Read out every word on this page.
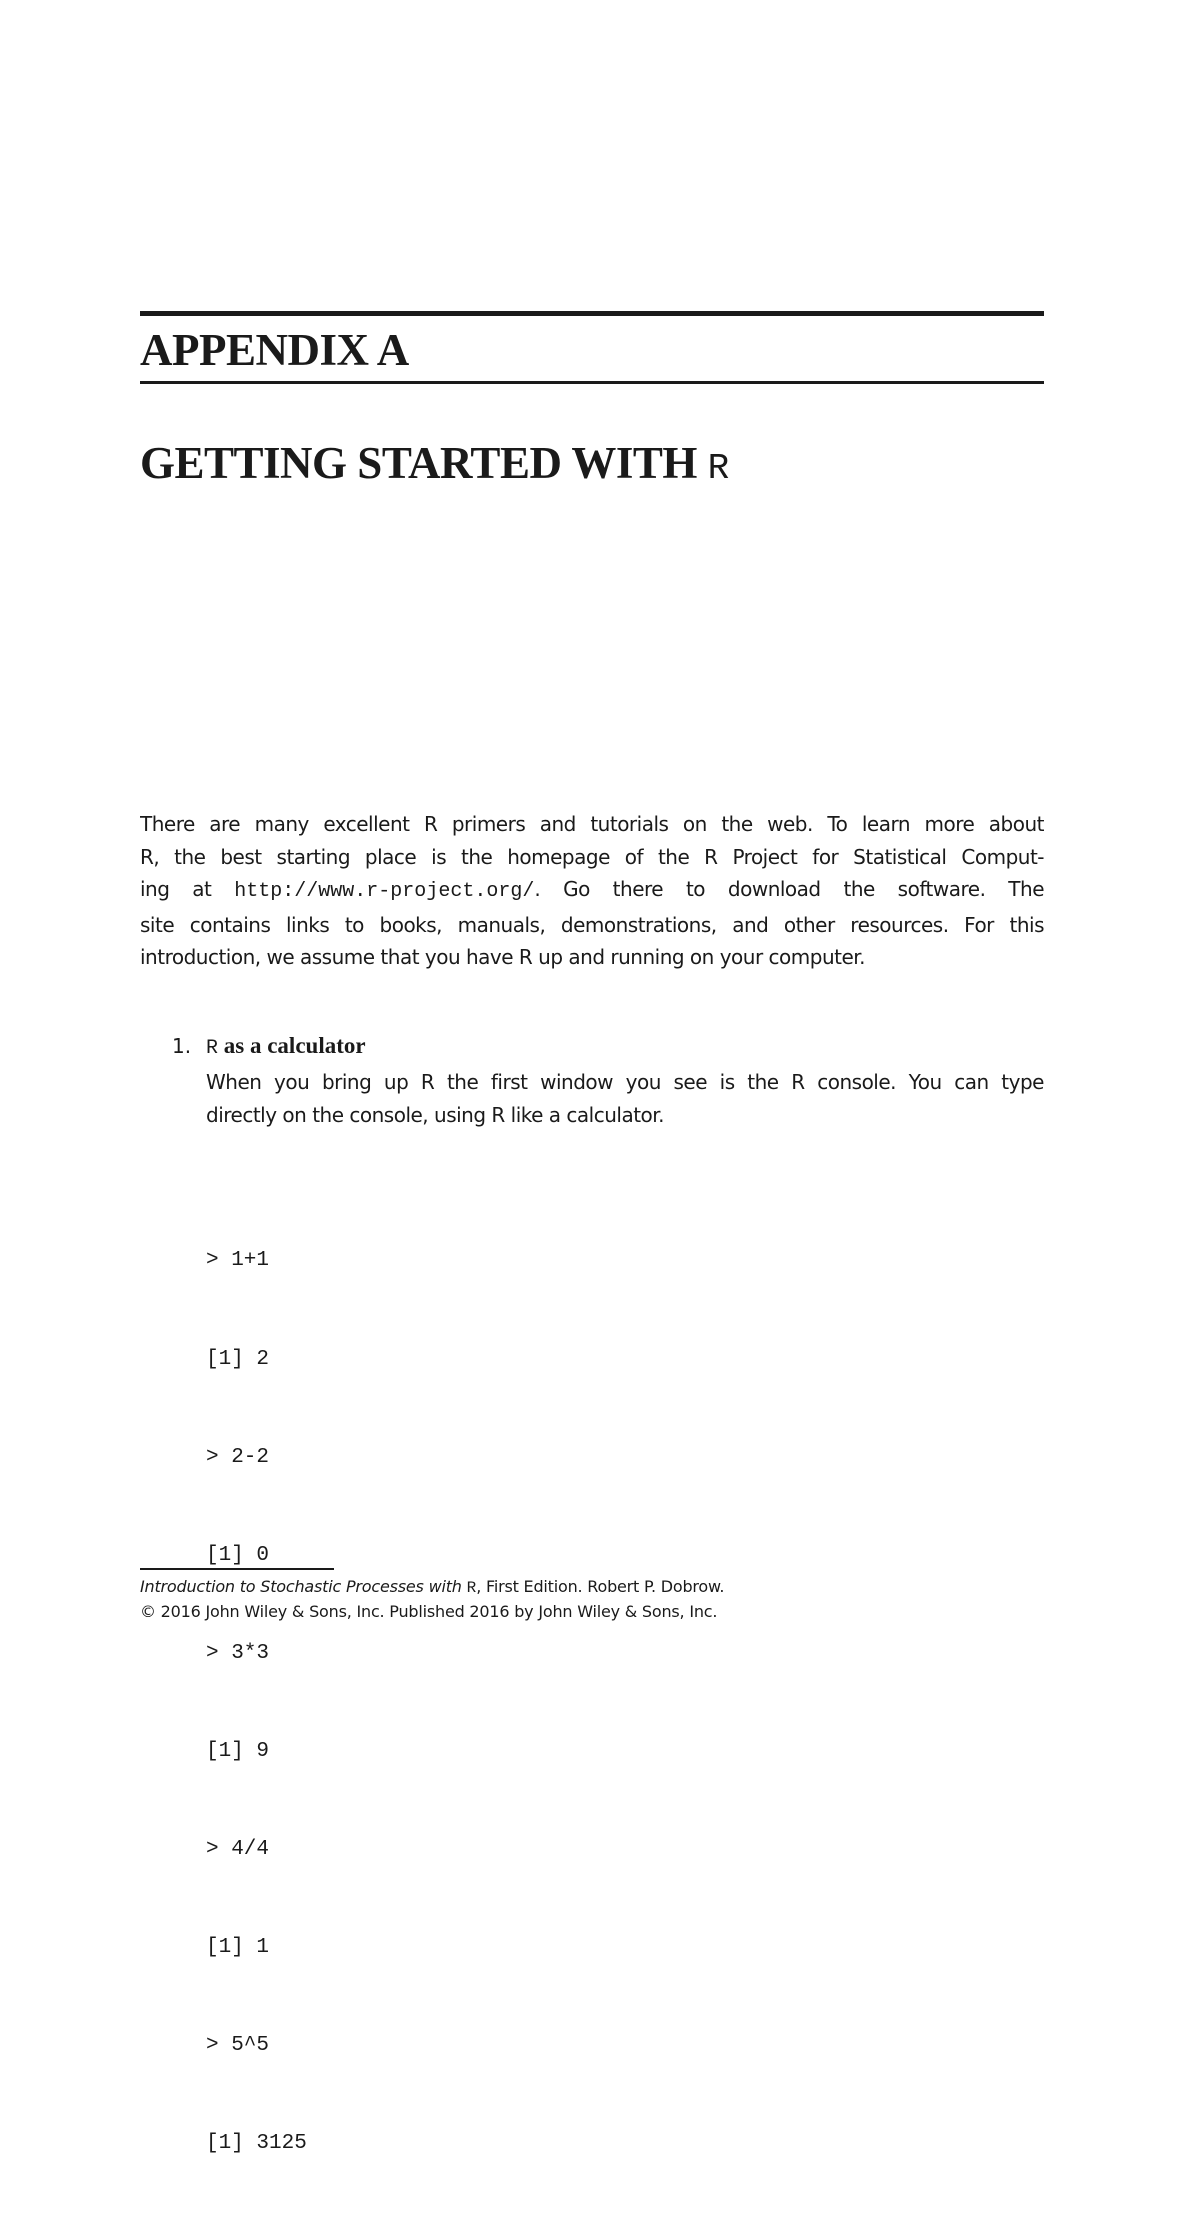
APPENDIX A
GETTING STARTED WITH R
There are many excellent R primers and tutorials on the web. To learn more about
R, the best starting place is the homepage of the R Project for Statistical Comput-
ing at http://www.r-project.org/. Go there to download the software. The
site contains links to books, manuals, demonstrations, and other resources. For this
introduction, we assume that you have R up and running on your computer.
1. R as a calculator
When you bring up R the first window you see is the R console. You can type
directly on the console, using R like a calculator.

> 1+1

[1] 2

> 2-2

[1] 0

> 3*3

[1] 9

> 4/4

[1] 1

> 5^5

[1] 3125

Introduction to Stochastic Processes with R, First Edition. Robert P. Dobrow.
© 2016 John Wiley & Sons, Inc. Published 2016 by John Wiley & Sons, Inc.
